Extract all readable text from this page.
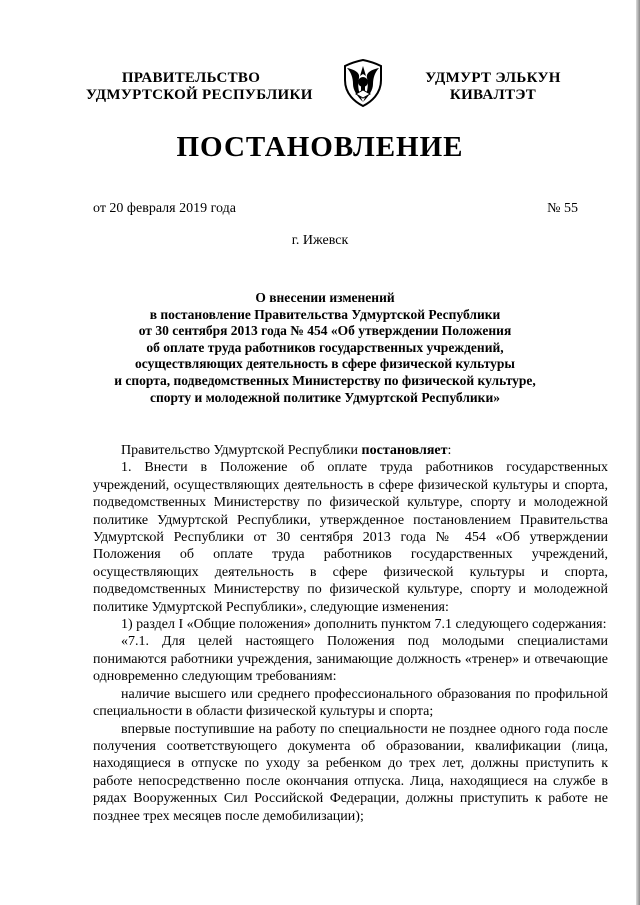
ПРАВИТЕЛЬСТВО
УДМУРТСКОЙ РЕСПУБЛИКИ
УДМУРТ ЭЛЬКУН
КИВАЛТЭТ
ПОСТАНОВЛЕНИЕ
от 20 февраля 2019 года	№ 55
г. Ижевск
О внесении изменений
в постановление Правительства Удмуртской Республики
от 30 сентября 2013 года № 454 «Об утверждении Положения
об оплате труда работников государственных учреждений,
осуществляющих деятельность в сфере физической культуры
и спорта, подведомственных Министерству по физической культуре,
спорту и молодежной политике Удмуртской Республики»

Правительство Удмуртской Республики постановляет:

1. Внести в Положение об оплате труда работников государственных учреждений, осуществляющих деятельность в сфере физической культуры и спорта, подведомственных Министерству по физической культуре, спорту и молодежной политике Удмуртской Республики, утвержденное постановлением Правительства Удмуртской Республики от 30 сентября 2013 года № 454 «Об утверждении Положения об оплате труда работников государственных учреждений, осуществляющих деятельность в сфере физической культуры и спорта, подведомственных Министерству по физической культуре, спорту и молодежной политике Удмуртской Республики», следующие изменения:

1) раздел I «Общие положения» дополнить пунктом 7.1 следующего содержания:

«7.1. Для целей настоящего Положения под молодыми специалистами понимаются работники учреждения, занимающие должность «тренер» и отвечающие одновременно следующим требованиям:

наличие высшего или среднего профессионального образования по профильной специальности в области физической культуры и спорта;

впервые поступившие на работу по специальности не позднее одного года после получения соответствующего документа об образовании, квалификации (лица, находящиеся в отпуске по уходу за ребенком до трех лет, должны приступить к работе непосредственно после окончания отпуска. Лица, находящиеся на службе в рядах Вооруженных Сил Российской Федерации, должны приступить к работе не позднее трех месяцев после демобилизации);
